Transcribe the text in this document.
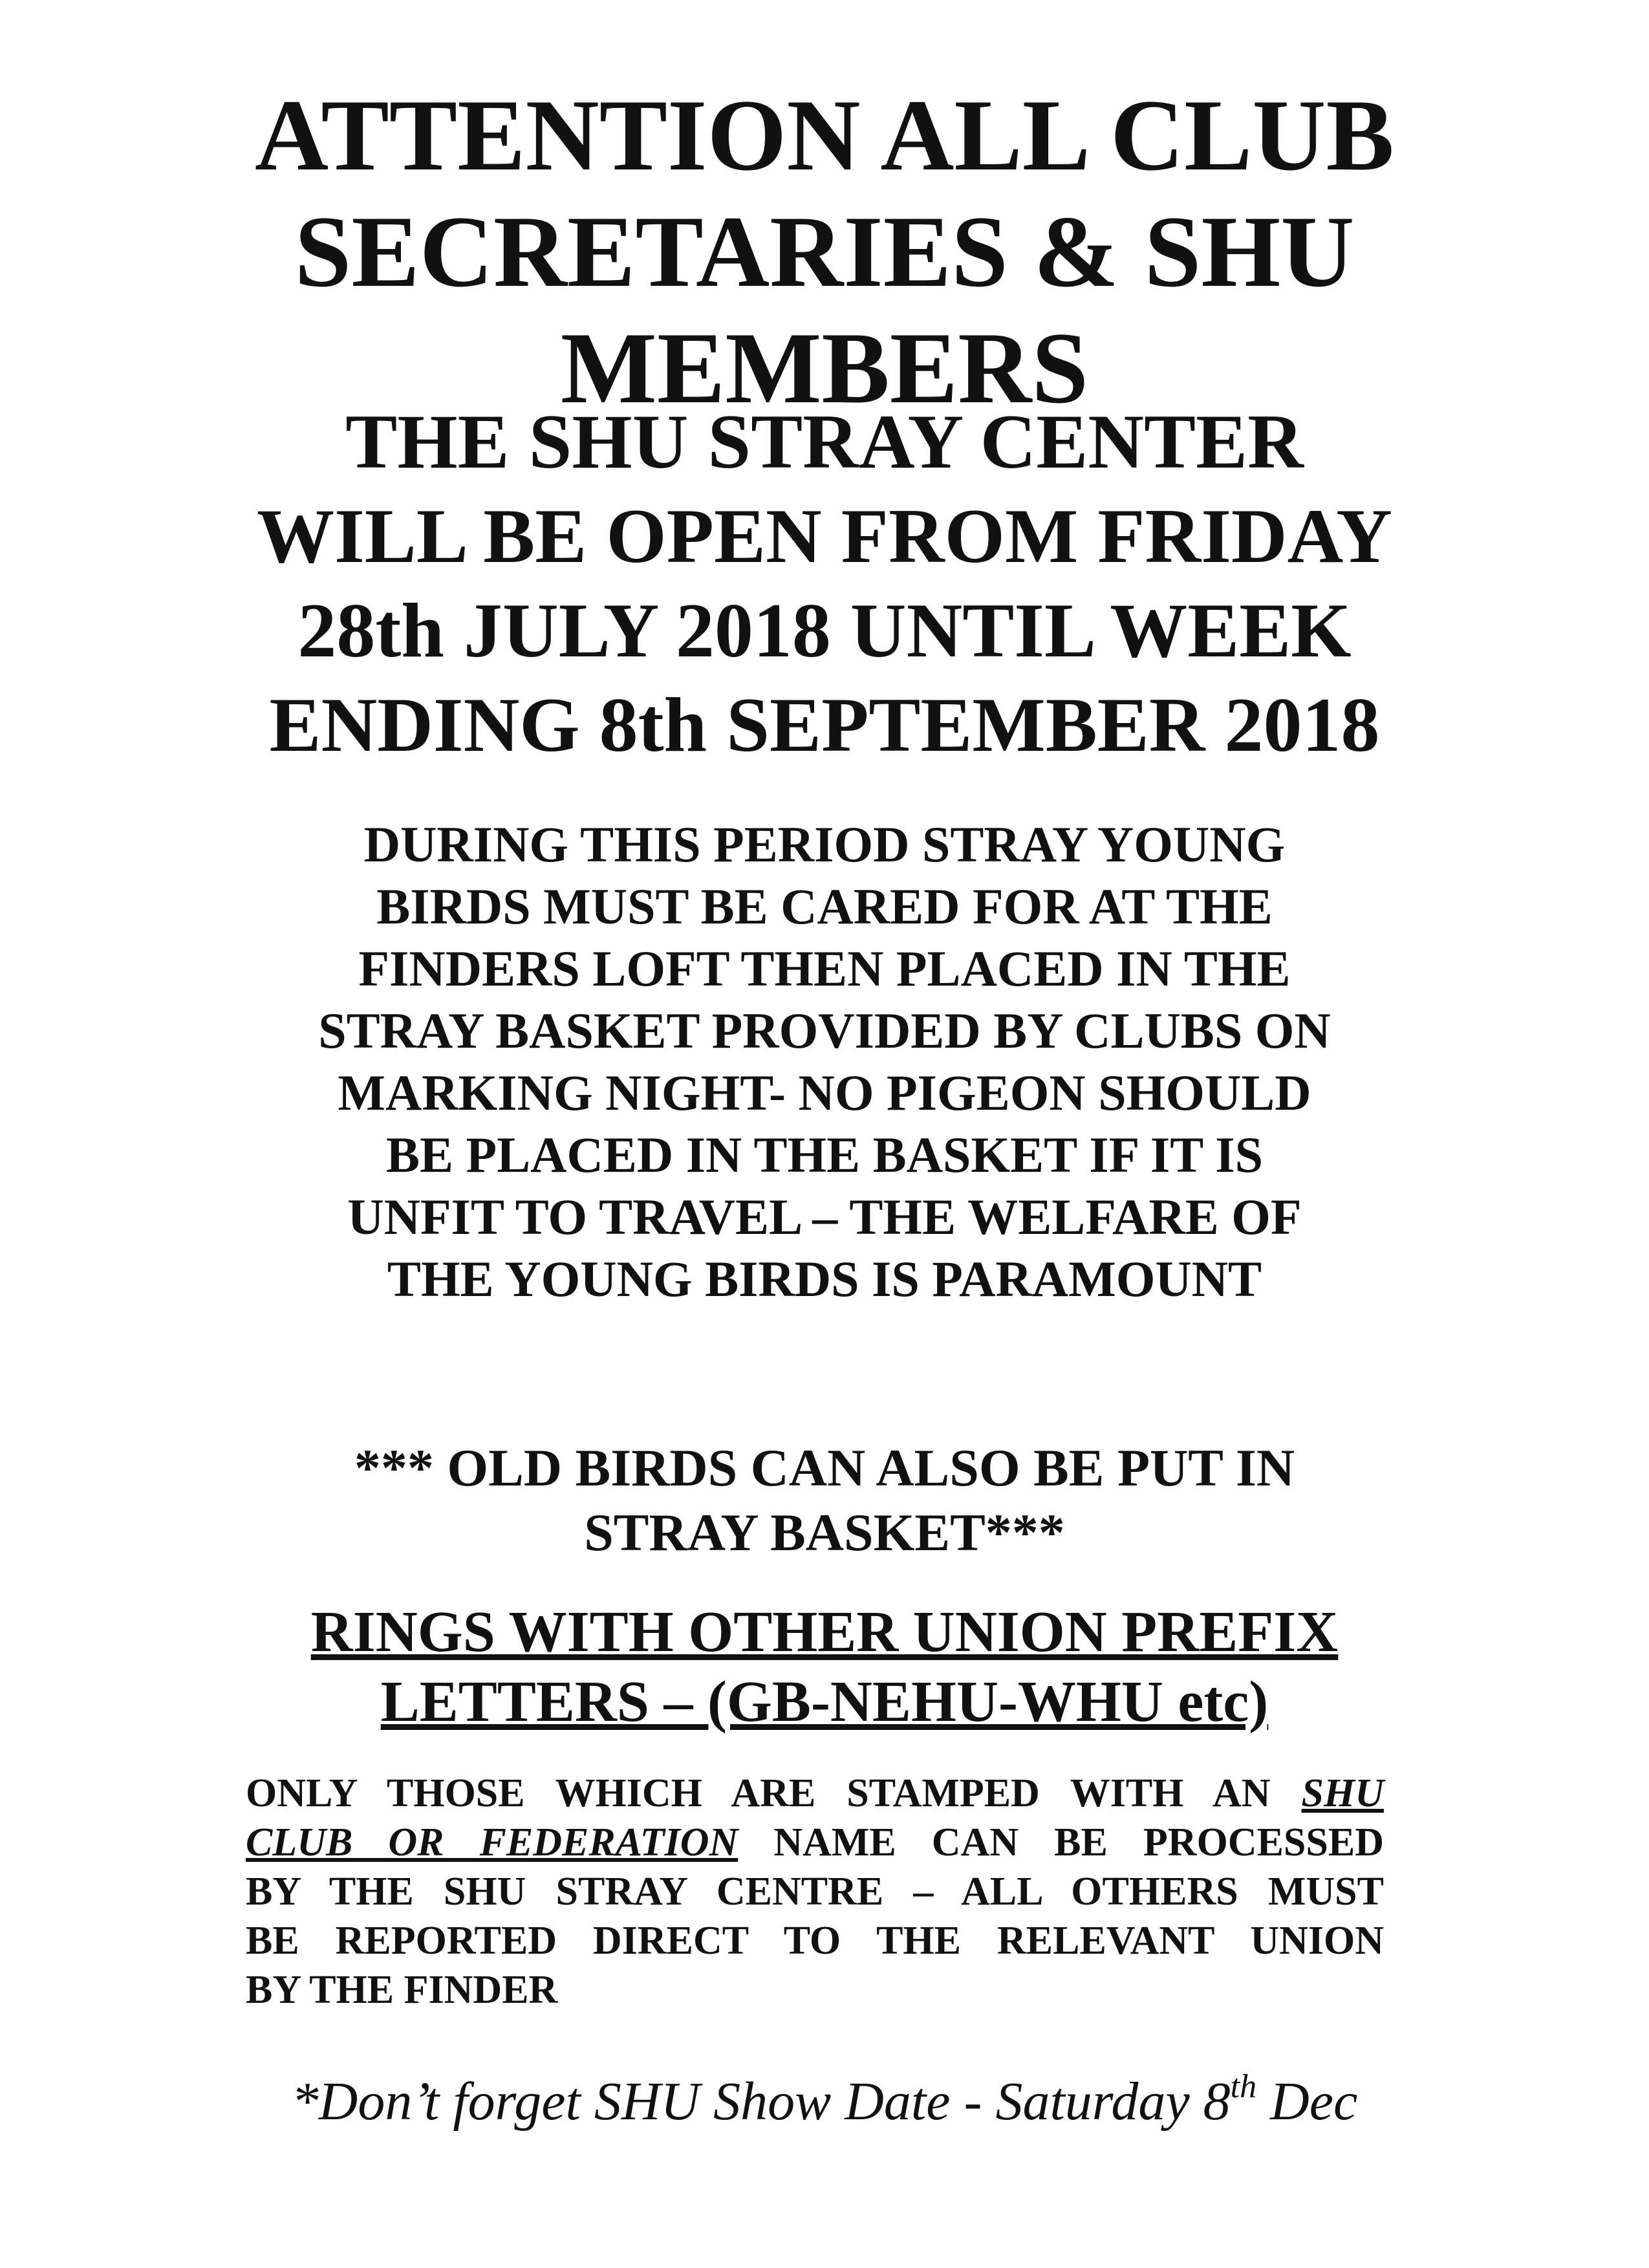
ATTENTION ALL CLUB
SECRETARIES & SHU
MEMBERS
THE SHU STRAY CENTER
WILL BE OPEN FROM FRIDAY
28th JULY 2018 UNTIL WEEK
ENDING 8th SEPTEMBER 2018
DURING THIS PERIOD STRAY YOUNG
BIRDS MUST BE CARED FOR AT THE
FINDERS LOFT THEN PLACED IN THE
STRAY BASKET PROVIDED BY CLUBS ON
MARKING NIGHT- NO PIGEON SHOULD
BE PLACED IN THE BASKET IF IT IS
UNFIT TO TRAVEL – THE WELFARE OF
THE YOUNG BIRDS IS PARAMOUNT
*** OLD BIRDS CAN ALSO BE PUT IN
STRAY BASKET***
RINGS WITH OTHER UNION PREFIX
LETTERS – (GB-NEHU-WHU etc)
ONLY THOSE WHICH ARE STAMPED WITH AN SHU
CLUB OR FEDERATION NAME CAN BE PROCESSED
BY THE SHU STRAY CENTRE – ALL OTHERS MUST
BE REPORTED DIRECT TO THE RELEVANT UNION
BY THE FINDER
*Don’t forget SHU Show Date - Saturday 8th Dec
